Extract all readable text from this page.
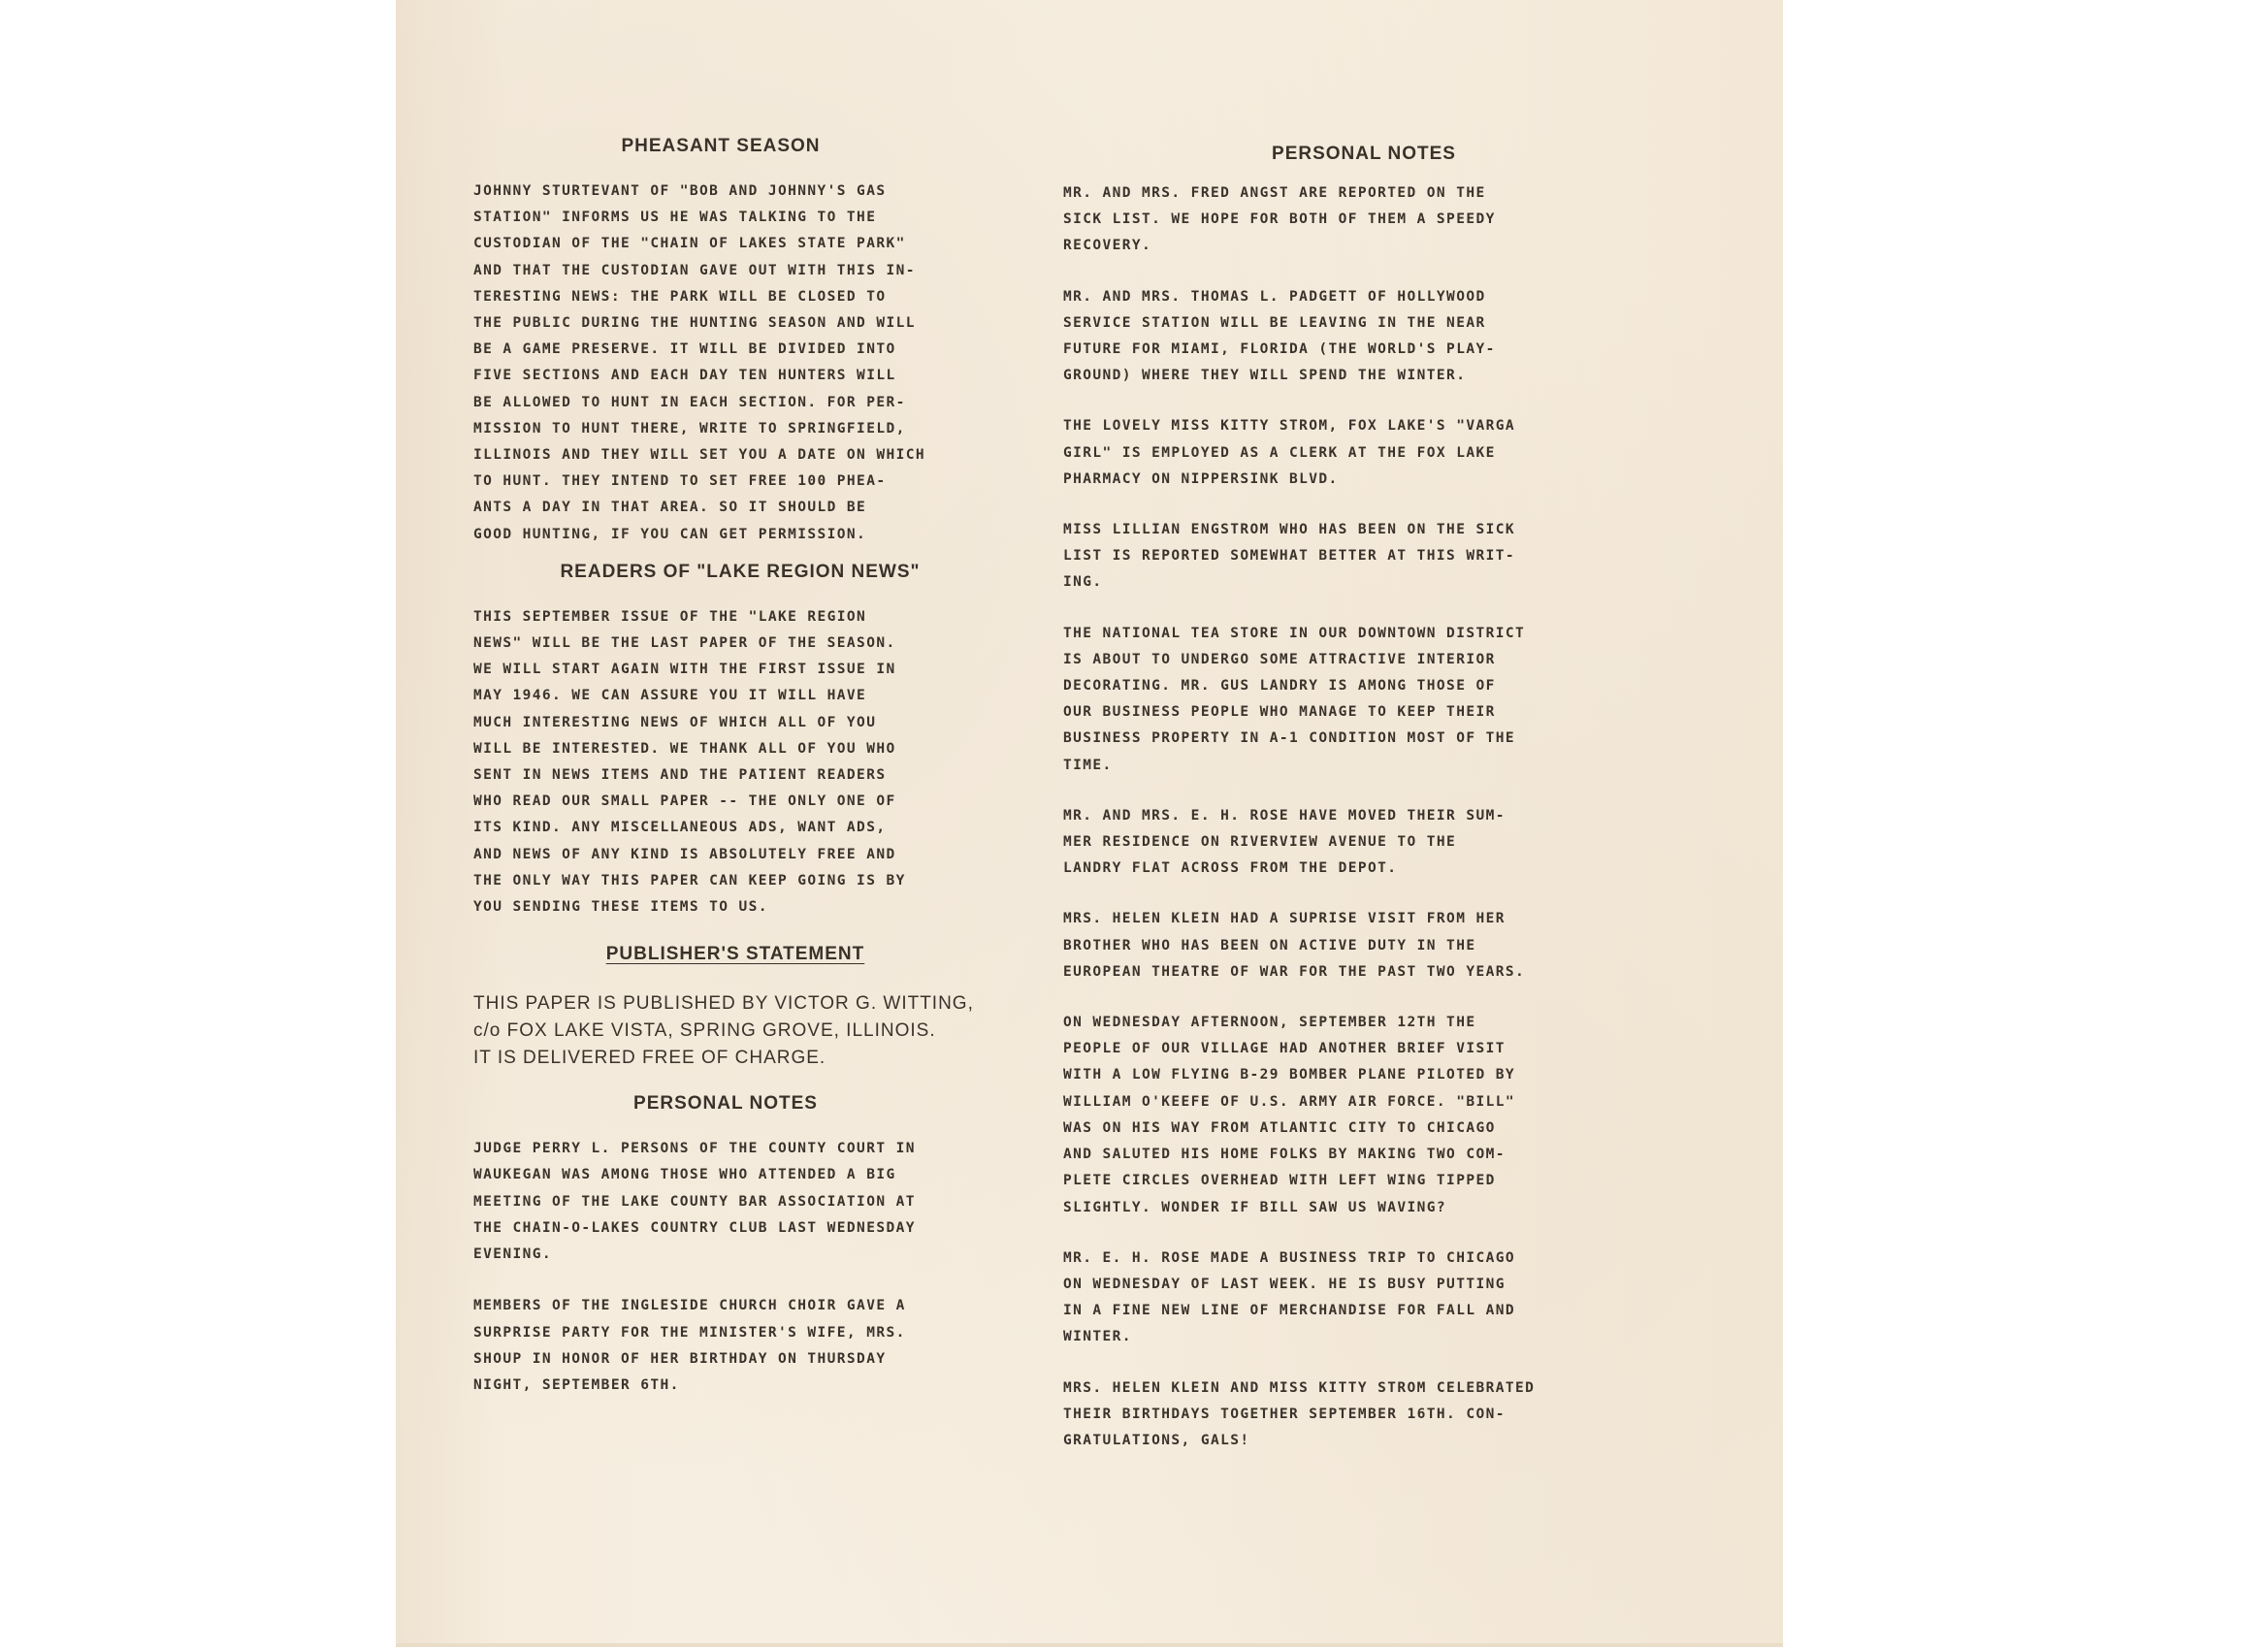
PHEASANT SEASON

JOHNNY STURTEVANT OF "BOB AND JOHNNY'S GAS
STATION" INFORMS US HE WAS TALKING TO THE
CUSTODIAN OF THE "CHAIN OF LAKES STATE PARK"
AND THAT THE CUSTODIAN GAVE OUT WITH THIS IN-
TERESTING NEWS: THE PARK WILL BE CLOSED TO
THE PUBLIC DURING THE HUNTING SEASON AND WILL
BE A GAME PRESERVE. IT WILL BE DIVIDED INTO
FIVE SECTIONS AND EACH DAY TEN HUNTERS WILL
BE ALLOWED TO HUNT IN EACH SECTION. FOR PER-
MISSION TO HUNT THERE, WRITE TO SPRINGFIELD,
ILLINOIS AND THEY WILL SET YOU A DATE ON WHICH
TO HUNT. THEY INTEND TO SET FREE 100 PHEA-
ANTS A DAY IN THAT AREA. SO IT SHOULD BE
GOOD HUNTING, IF YOU CAN GET PERMISSION.

READERS OF "LAKE REGION NEWS"

THIS SEPTEMBER ISSUE OF THE "LAKE REGION
NEWS" WILL BE THE LAST PAPER OF THE SEASON.
WE WILL START AGAIN WITH THE FIRST ISSUE IN
MAY 1946. WE CAN ASSURE YOU IT WILL HAVE
MUCH INTERESTING NEWS OF WHICH ALL OF YOU
WILL BE INTERESTED. WE THANK ALL OF YOU WHO
SENT IN NEWS ITEMS AND THE PATIENT READERS
WHO READ OUR SMALL PAPER -- THE ONLY ONE OF
ITS KIND. ANY MISCELLANEOUS ADS, WANT ADS,
AND NEWS OF ANY KIND IS ABSOLUTELY FREE AND
THE ONLY WAY THIS PAPER CAN KEEP GOING IS BY
YOU SENDING THESE ITEMS TO US.

PUBLISHER'S STATEMENT

THIS PAPER IS PUBLISHED BY VICTOR G. WITTING,
c/o FOX LAKE VISTA, SPRING GROVE, ILLINOIS.
IT IS DELIVERED FREE OF CHARGE.

PERSONAL NOTES

JUDGE PERRY L. PERSONS OF THE COUNTY COURT IN
WAUKEGAN WAS AMONG THOSE WHO ATTENDED A BIG
MEETING OF THE LAKE COUNTY BAR ASSOCIATION AT
THE CHAIN-O-LAKES COUNTRY CLUB LAST WEDNESDAY
EVENING.

MEMBERS OF THE INGLESIDE CHURCH CHOIR GAVE A
SURPRISE PARTY FOR THE MINISTER'S WIFE, MRS.
SHOUP IN HONOR OF HER BIRTHDAY ON THURSDAY
NIGHT, SEPTEMBER 6TH.

PERSONAL NOTES

MR. AND MRS. FRED ANGST ARE REPORTED ON THE
SICK LIST. WE HOPE FOR BOTH OF THEM A SPEEDY
RECOVERY.

MR. AND MRS. THOMAS L. PADGETT OF HOLLYWOOD
SERVICE STATION WILL BE LEAVING IN THE NEAR
FUTURE FOR MIAMI, FLORIDA (THE WORLD'S PLAY-
GROUND) WHERE THEY WILL SPEND THE WINTER.

THE LOVELY MISS KITTY STROM, FOX LAKE'S "VARGA
GIRL" IS EMPLOYED AS A CLERK AT THE FOX LAKE
PHARMACY ON NIPPERSINK BLVD.

MISS LILLIAN ENGSTROM WHO HAS BEEN ON THE SICK
LIST IS REPORTED SOMEWHAT BETTER AT THIS WRIT-
ING.

THE NATIONAL TEA STORE IN OUR DOWNTOWN DISTRICT
IS ABOUT TO UNDERGO SOME ATTRACTIVE INTERIOR
DECORATING. MR. GUS LANDRY IS AMONG THOSE OF
OUR BUSINESS PEOPLE WHO MANAGE TO KEEP THEIR
BUSINESS PROPERTY IN A-1 CONDITION MOST OF THE
TIME.

MR. AND MRS. E. H. ROSE HAVE MOVED THEIR SUM-
MER RESIDENCE ON RIVERVIEW AVENUE TO THE
LANDRY FLAT ACROSS FROM THE DEPOT.

MRS. HELEN KLEIN HAD A SUPRISE VISIT FROM HER
BROTHER WHO HAS BEEN ON ACTIVE DUTY IN THE
EUROPEAN THEATRE OF WAR FOR THE PAST TWO YEARS.

ON WEDNESDAY AFTERNOON, SEPTEMBER 12TH THE
PEOPLE OF OUR VILLAGE HAD ANOTHER BRIEF VISIT
WITH A LOW FLYING B-29 BOMBER PLANE PILOTED BY
WILLIAM O'KEEFE OF U.S. ARMY AIR FORCE. "BILL"
WAS ON HIS WAY FROM ATLANTIC CITY TO CHICAGO
AND SALUTED HIS HOME FOLKS BY MAKING TWO COM-
PLETE CIRCLES OVERHEAD WITH LEFT WING TIPPED
SLIGHTLY. WONDER IF BILL SAW US WAVING?

MR. E. H. ROSE MADE A BUSINESS TRIP TO CHICAGO
ON WEDNESDAY OF LAST WEEK. HE IS BUSY PUTTING
IN A FINE NEW LINE OF MERCHANDISE FOR FALL AND
WINTER.

MRS. HELEN KLEIN AND MISS KITTY STROM CELEBRATED
THEIR BIRTHDAYS TOGETHER SEPTEMBER 16TH. CON-
GRATULATIONS, GALS!
